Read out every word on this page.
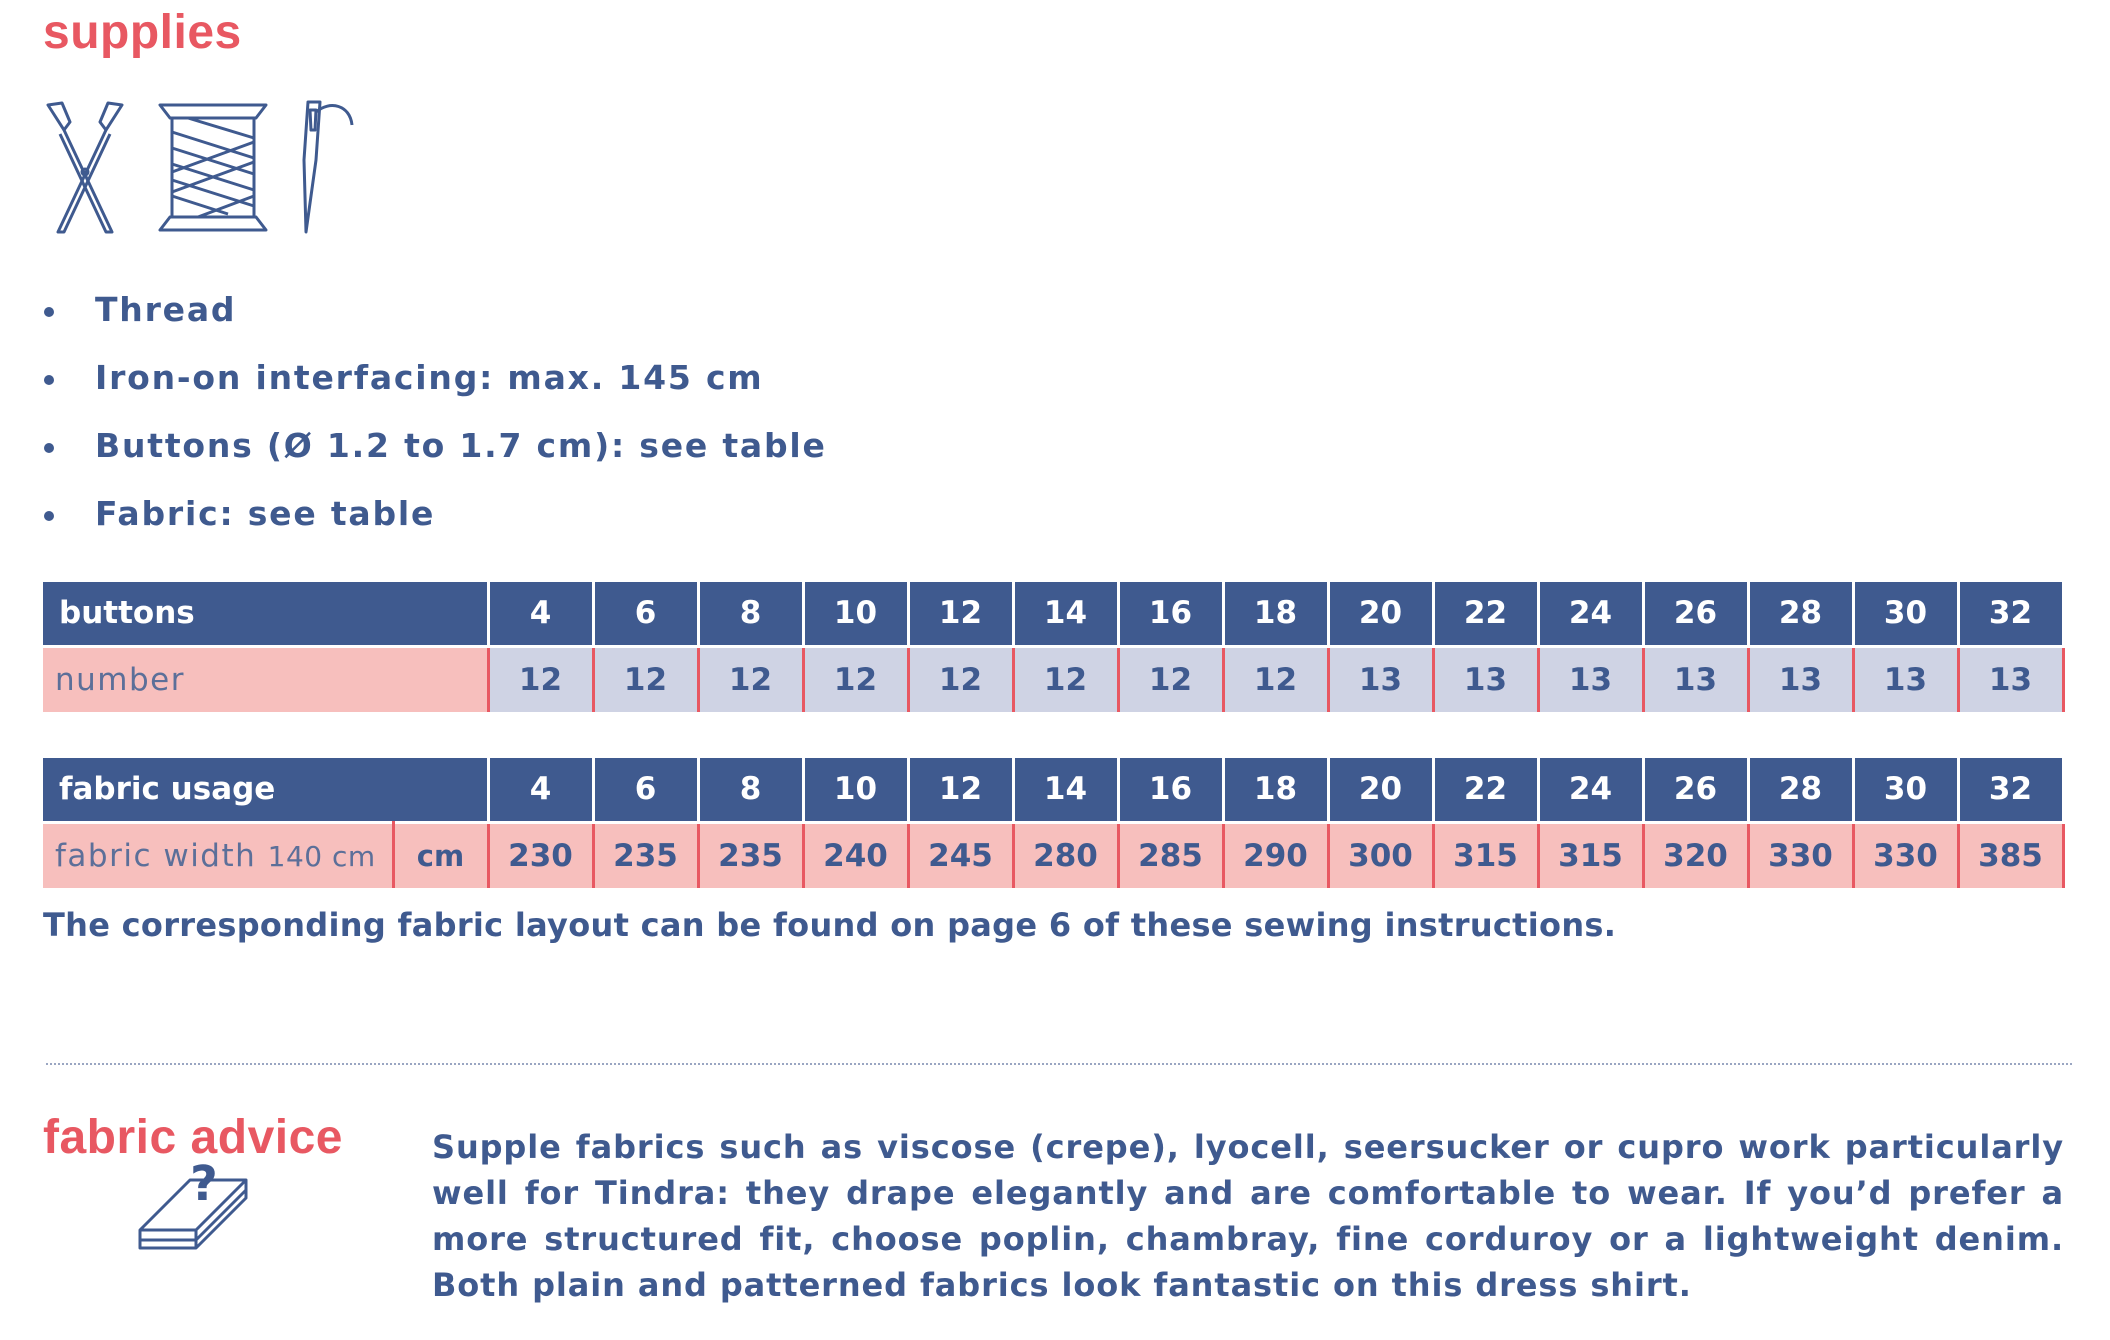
supplies
Thread
Iron-on interfacing: max. 145 cm
Buttons (Ø 1.2 to 1.7 cm): see table
Fabric: see table
buttons	4	6	8	10	12	14	16	18	20	22	24	26	28	30	32
number	12	12	12	12	12	12	12	12	13	13	13	13	13	13	13
fabric usage		4	6	8	10	12	14	16	18	20	22	24	26	28	30	32
fabric width 140 cm	cm	230	235	235	240	245	280	285	290	300	315	315	320	330	330	385

The corresponding fabric layout can be found on page 6 of these sewing instructions.

fabric advice
?

Supple fabrics such as viscose (crepe), lyocell, seersucker or cupro work particularly well for Tindra: they drape elegantly and are comfortable to wear. If you’d prefer a more structured fit, choose poplin, chambray, fine corduroy or a lightweight denim. Both plain and patterned fabrics look fantastic on this dress shirt.
